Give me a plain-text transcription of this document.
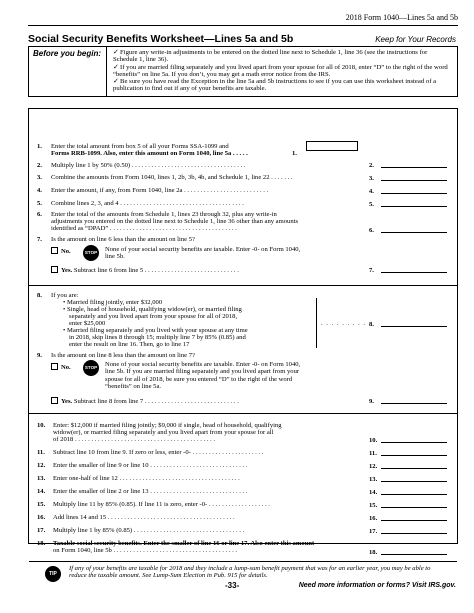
2018 Form 1040—Lines 5a and 5b
Social Security Benefits Worksheet—Lines 5a and 5b	Keep for Your Records
Before you begin:	✓Figure any write-in adjustments to be entered on the dotted line next to Schedule 1, line 36 (see the instructions for Schedule 1, line 36).
✓If you are married filing separately and you lived apart from your spouse for all of 2018, enter “D” to the right of the word “benefits” on line 5a. If you don’t, you may get a math error notice from the IRS.
✓Be sure you have read the Exception in the line 5a and 5b instructions to see if you can use this worksheet instead of a publication to find out if any of your benefits are taxable.
1.	Enter the total amount from box 5 of all your Forms SSA-1099 and
Forms RRB-1099. Also, enter this amount on Form 1040, line 5a . . . . .	1.
2.	Multiply line 1 by 50% (0.50) . . . . . . . . . . . . . . . . . . . . . . . . . . . . . . . . . . .	2.
3.	Combine the amounts from Form 1040, lines 1, 2b, 3b, 4b, and Schedule 1, line 22 . . . . . . .	3.
4.	Enter the amount, if any, from Form 1040, line 2a . . . . . . . . . . . . . . . . . . . . . . . . . .	4.
5.	Combine lines 2, 3, and 4 . . . . . . . . . . . . . . . . . . . . . . . . . . . . . . . . . . . . . .	5.
6.	Enter the total of the amounts from Schedule 1, lines 23 through 32, plus any write-in
adjustments you entered on the dotted line next to Schedule 1, line 36 other than any amounts
identified as “DPAD” . . . . . . . . . . . . . . . . . . . . . . . . . . . . . . . . . . . . . . .	6.
7.	Is the amount on line 6 less than the amount on line 5?
No.	STOP None of your social security benefits are taxable. Enter -0- on Form 1040,
line 5b.
Yes. Subtract line 6 from line 5 . . . . . . . . . . . . . . . . . . . . . . . . . . . . .	7.
8.	If you are:
• Married filing jointly, enter $32,000
• Single, head of household, qualifying widow(er), or married filing
separately and you lived apart from your spouse for all of 2018,
enter $25,000
• Married filing separately and you lived with your spouse at any time
in 2018, skip lines 8 through 15; multiply line 7 by 85% (0.85) and
enter the result on line 16. Then, go to line 17
. . . . . . . . . 8.
9.	Is the amount on line 8 less than the amount on line 7?
No.	STOP None of your social security benefits are taxable. Enter -0- on Form 1040,
line 5b. If you are married filing separately and you lived apart from your
spouse for all of 2018, be sure you entered “D” to the right of the word
“benefits” on line 5a.
Yes. Subtract line 8 from line 7 . . . . . . . . . . . . . . . . . . . . . . . . . . . . .	9.
10.	Enter: $12,000 if married filing jointly; $9,000 if single, head of household, qualifying
widow(er), or married filing separately and you lived apart from your spouse for all
of 2018 . . . . . . . . . . . . . . . . . . . . . . . . . . . . . . . . . . . . . . . . . . .	10.
11.	Subtract line 10 from line 9. If zero or less, enter -0- . . . . . . . . . . . . . . . . . . . . . .	11.
12.	Enter the smaller of line 9 or line 10 . . . . . . . . . . . . . . . . . . . . . . . . . . . . . .	12.
13.	Enter one-half of line 12 . . . . . . . . . . . . . . . . . . . . . . . . . . . . . . . . . . . . .	13.
14.	Enter the smaller of line 2 or line 13 . . . . . . . . . . . . . . . . . . . . . . . . . . . . . .	14.
15.	Multiply line 11 by 85% (0.85). If line 11 is zero, enter -0- . . . . . . . . . . . . . . . . . . .	15.
16.	Add lines 14 and 15 . . . . . . . . . . . . . . . . . . . . . . . . . . . . . . . . . . . . . . .	16.
17.	Multiply line 1 by 85% (0.85) . . . . . . . . . . . . . . . . . . . . . . . . . . . . . . . . . .	17.
18.	Taxable social security benefits. Enter the smaller of line 16 or line 17. Also enter this amount
on Form 1040, line 5b . . . . . . . . . . . . . . . . . . . . . . . . . . . . . . . . . . . . . .	18.
TIP
If any of your benefits are taxable for 2018 and they include a lump-sum benefit payment that was for an earlier year, you may be able to reduce the taxable amount. See Lump-Sum Election in Pub. 915 for details.
-33-	Need more information or forms? Visit IRS.gov.
